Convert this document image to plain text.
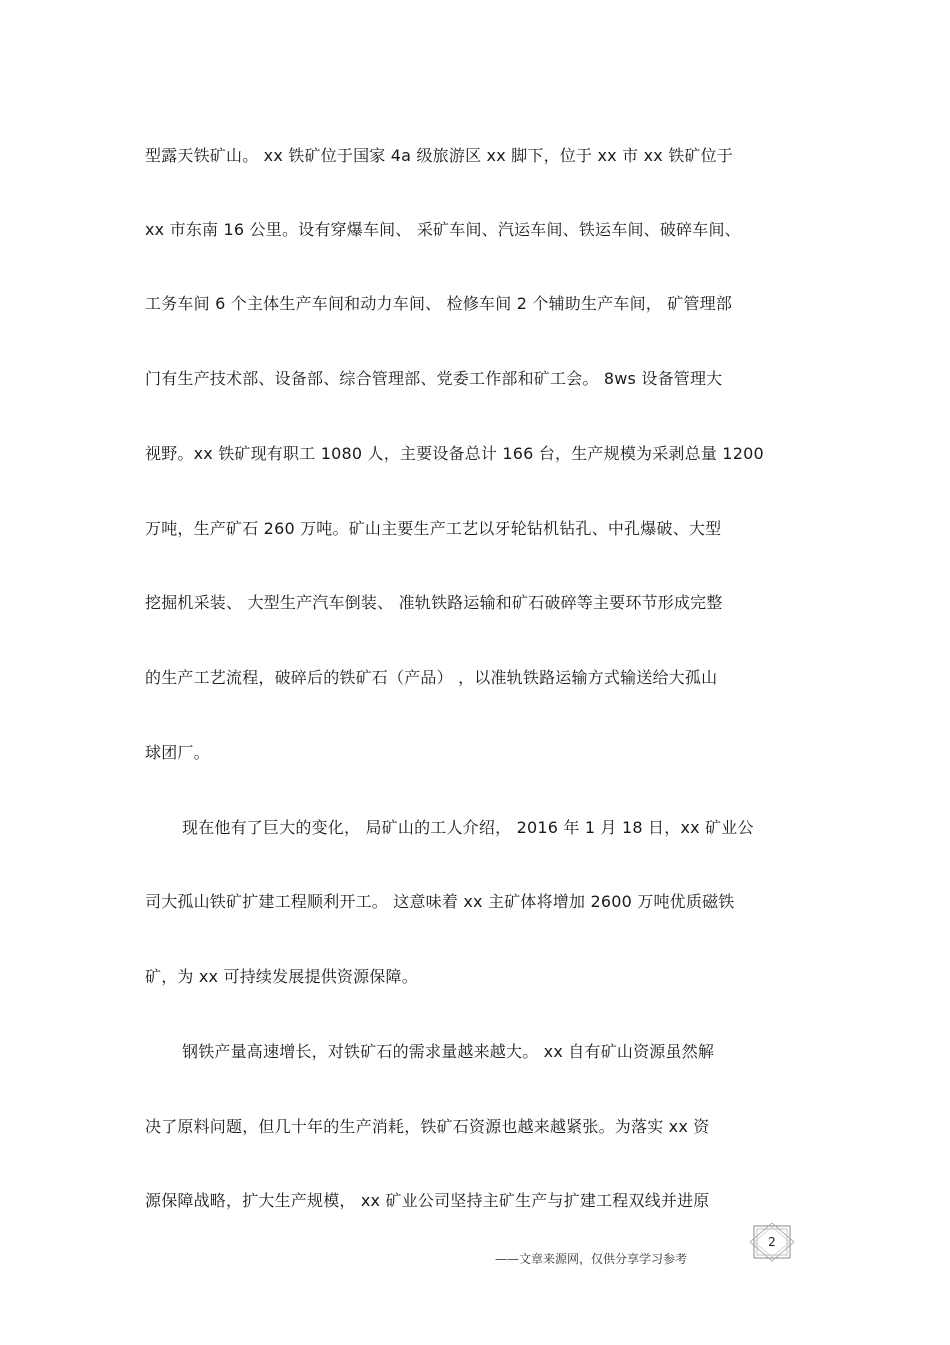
型露天铁矿山。 xx 铁矿位于国家 4a 级旅游区 xx 脚下，位于 xx 市 xx 铁矿位于
xx 市东南 16 公里。设有穿爆车间、 采矿车间、汽运车间、铁运车间、破碎车间、
工务车间 6 个主体生产车间和动力车间、 检修车间 2 个辅助生产车间， 矿管理部
门有生产技术部、设备部、综合管理部、党委工作部和矿工会。 8ws 设备管理大
视野。xx 铁矿现有职工 1080 人，主要设备总计 166 台，生产规模为采剥总量 1200
万吨，生产矿石 260 万吨。矿山主要生产工艺以牙轮钻机钻孔、中孔爆破、大型
挖掘机采装、 大型生产汽车倒装、 准轨铁路运输和矿石破碎等主要环节形成完整
的生产工艺流程，破碎后的铁矿石（产品） ，以准轨铁路运输方式输送给大孤山
球团厂。
现在他有了巨大的变化， 局矿山的工人介绍， 2016 年 1 月 18 日，xx 矿业公
司大孤山铁矿扩建工程顺利开工。 这意味着 xx 主矿体将增加 2600 万吨优质磁铁
矿，为 xx 可持续发展提供资源保障。
钢铁产量高速增长，对铁矿石的需求量越来越大。 xx 自有矿山资源虽然解
决了原料问题，但几十年的生产消耗，铁矿石资源也越来越紧张。为落实 xx 资
源保障战略，扩大生产规模， xx 矿业公司坚持主矿生产与扩建工程双线并进原
——文章来源网，仅供分享学习参考
2
